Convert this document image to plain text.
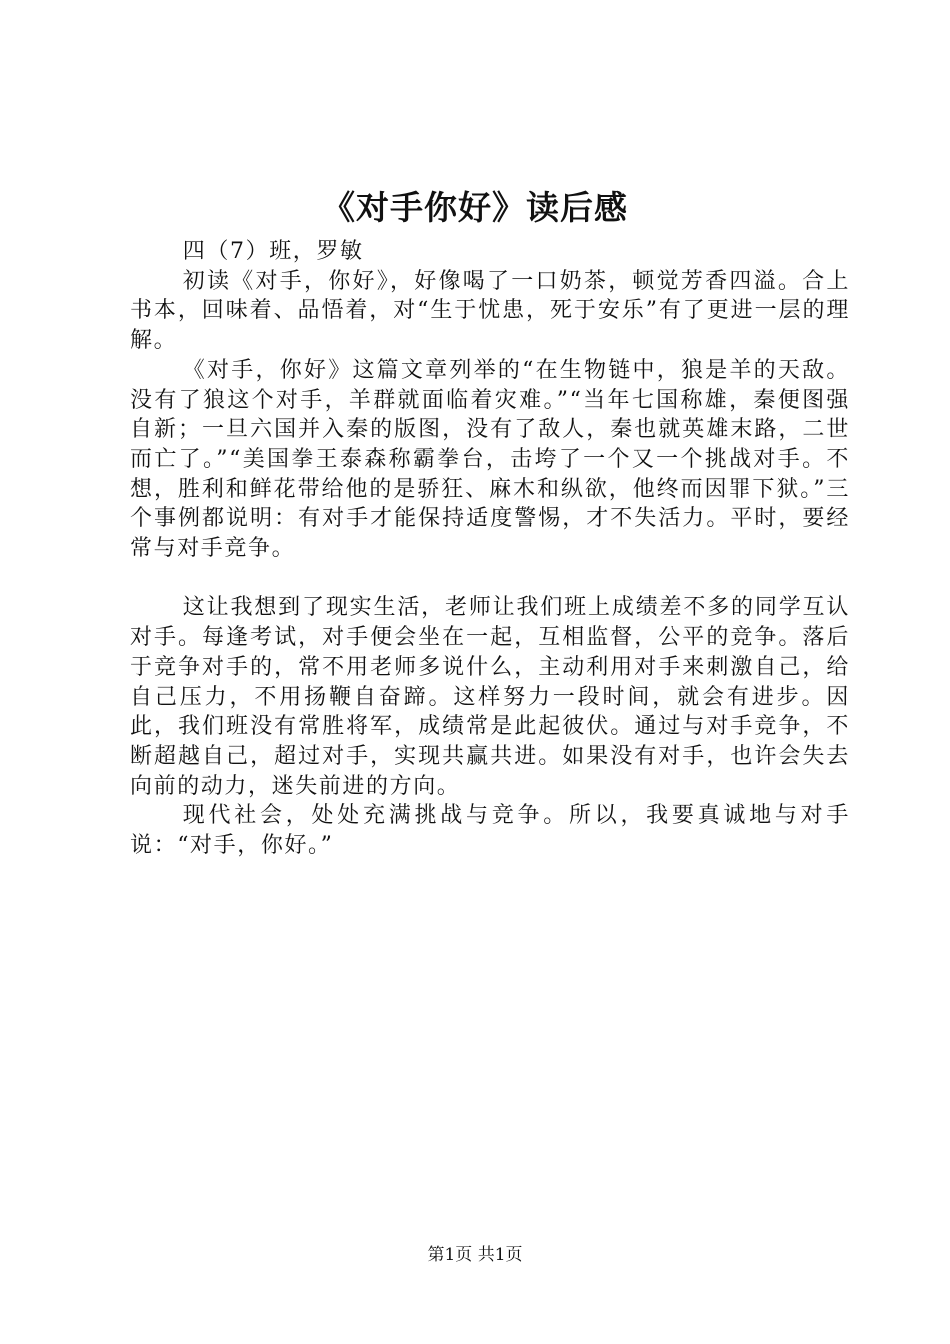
《对手你好》读后感

四（7）班，罗敏

初读《对手，你好》，好像喝了一口奶茶，顿觉芳香四溢。合上书本，回味着、品悟着，对“生于忧患，死于安乐”有了更进一层的理解。

《对手，你好》这篇文章列举的“在生物链中，狼是羊的天敌。没有了狼这个对手，羊群就面临着灾难。”“当年七国称雄，秦便图强自新；一旦六国并入秦的版图，没有了敌人，秦也就英雄末路，二世而亡了。”“美国拳王泰森称霸拳台，击垮了一个又一个挑战对手。不想，胜利和鲜花带给他的是骄狂、麻木和纵欲，他终而因罪下狱。”三个事例都说明：有对手才能保持适度警惕，才不失活力。平时，要经常与对手竞争。

这让我想到了现实生活，老师让我们班上成绩差不多的同学互认对手。每逢考试，对手便会坐在一起，互相监督，公平的竞争。落后于竞争对手的，常不用老师多说什么，主动利用对手来刺激自己，给自己压力，不用扬鞭自奋蹄。这样努力一段时间，就会有进步。因此，我们班没有常胜将军，成绩常是此起彼伏。通过与对手竞争，不断超越自己，超过对手，实现共赢共进。如果没有对手，也许会失去向前的动力，迷失前进的方向。

现代社会，处处充满挑战与竞争。所以，我要真诚地与对手说：“对手，你好。”

第1页 共1页
